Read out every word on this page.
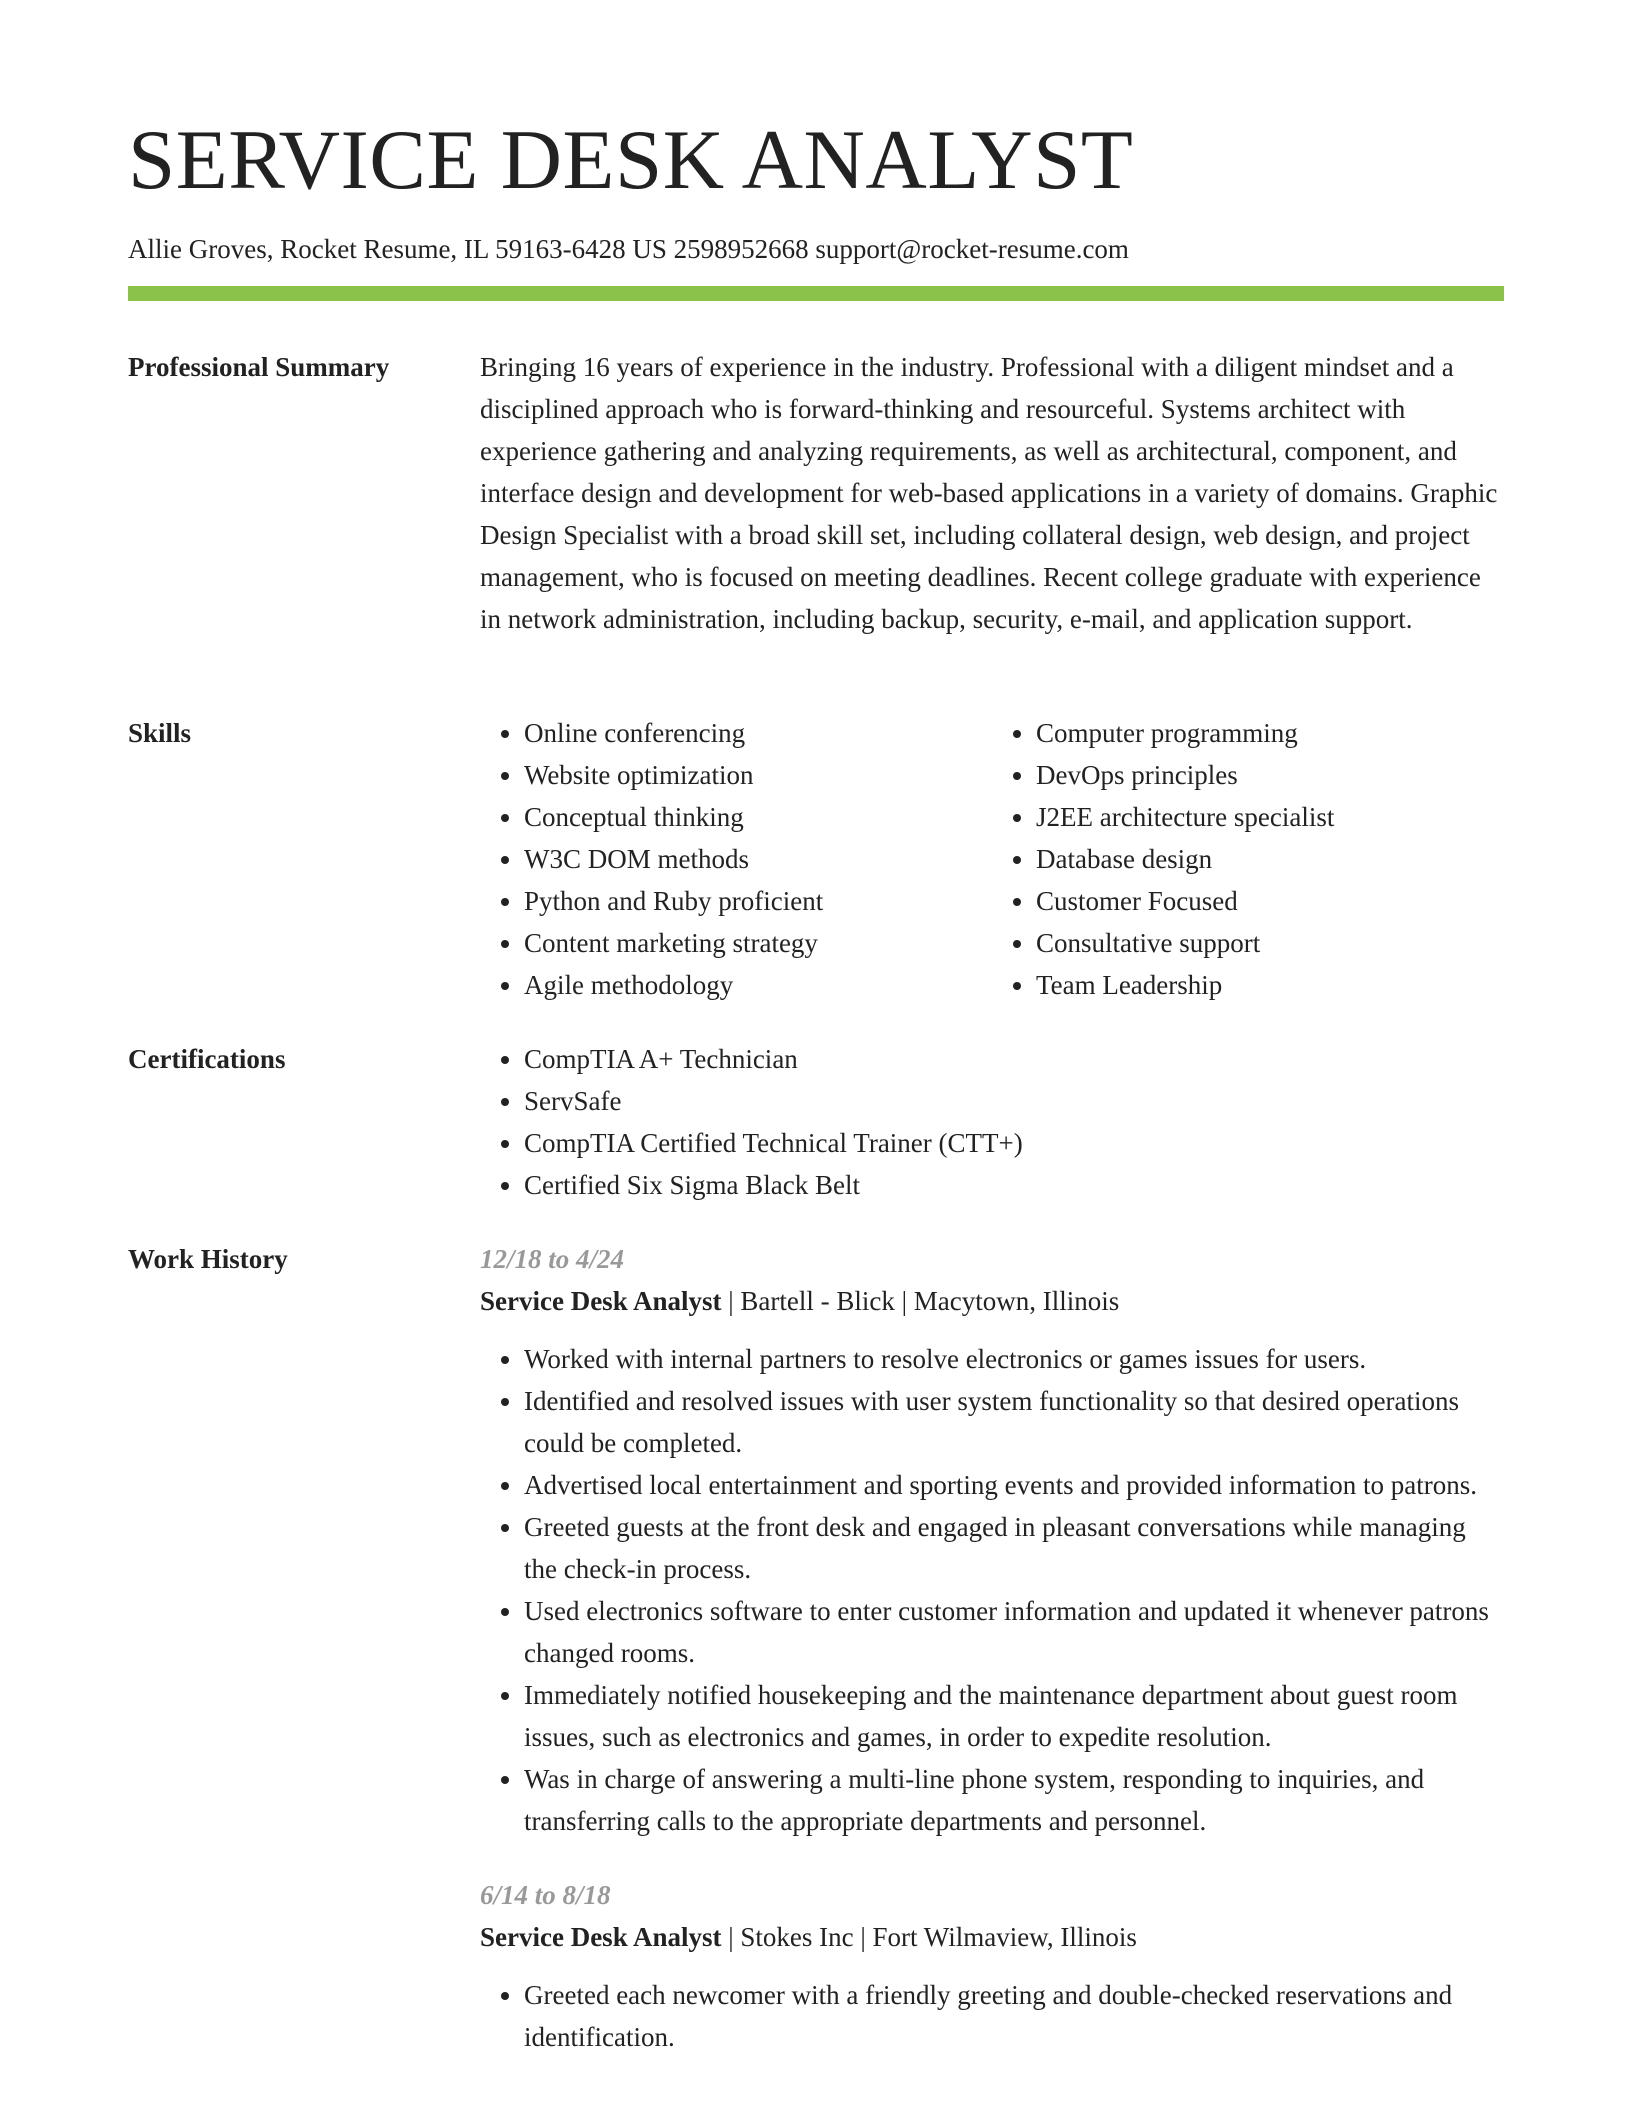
SERVICE DESK ANALYST
Allie Groves, Rocket Resume, IL 59163-6428 US 2598952668 support@rocket-resume.com
Professional Summary	Bringing 16 years of experience in the industry. Professional with a diligent mindset and a disciplined approach who is forward-thinking and resourceful. Systems architect with experience gathering and analyzing requirements, as well as architectural, component, and interface design and development for web-based applications in a variety of domains. Graphic Design Specialist with a broad skill set, including collateral design, web design, and project management, who is focused on meeting deadlines. Recent college graduate with experience in network administration, including backup, security, e-mail, and application support.

Skills	• Online conferencing
• Website optimization
• Conceptual thinking
• W3C DOM methods
• Python and Ruby proficient
• Content marketing strategy
• Agile methodology
• Computer programming
• DevOps principles
• J2EE architecture specialist
• Database design
• Customer Focused
• Consultative support
• Team Leadership
Certifications	• CompTIA A+ Technician
• ServSafe
• CompTIA Certified Technical Trainer (CTT+)
• Certified Six Sigma Black Belt
Work History	12/18 to 4/24
Service Desk Analyst | Bartell - Blick | Macytown, Illinois
• Worked with internal partners to resolve electronics or games issues for users.
• Identified and resolved issues with user system functionality so that desired operations could be completed.
• Advertised local entertainment and sporting events and provided information to patrons.
• Greeted guests at the front desk and engaged in pleasant conversations while managing the check-in process.
• Used electronics software to enter customer information and updated it whenever patrons changed rooms.
• Immediately notified housekeeping and the maintenance department about guest room issues, such as electronics and games, in order to expedite resolution.
• Was in charge of answering a multi-line phone system, responding to inquiries, and transferring calls to the appropriate departments and personnel.
6/14 to 8/18
Service Desk Analyst | Stokes Inc | Fort Wilmaview, Illinois
• Greeted each newcomer with a friendly greeting and double-checked reservations and identification.
